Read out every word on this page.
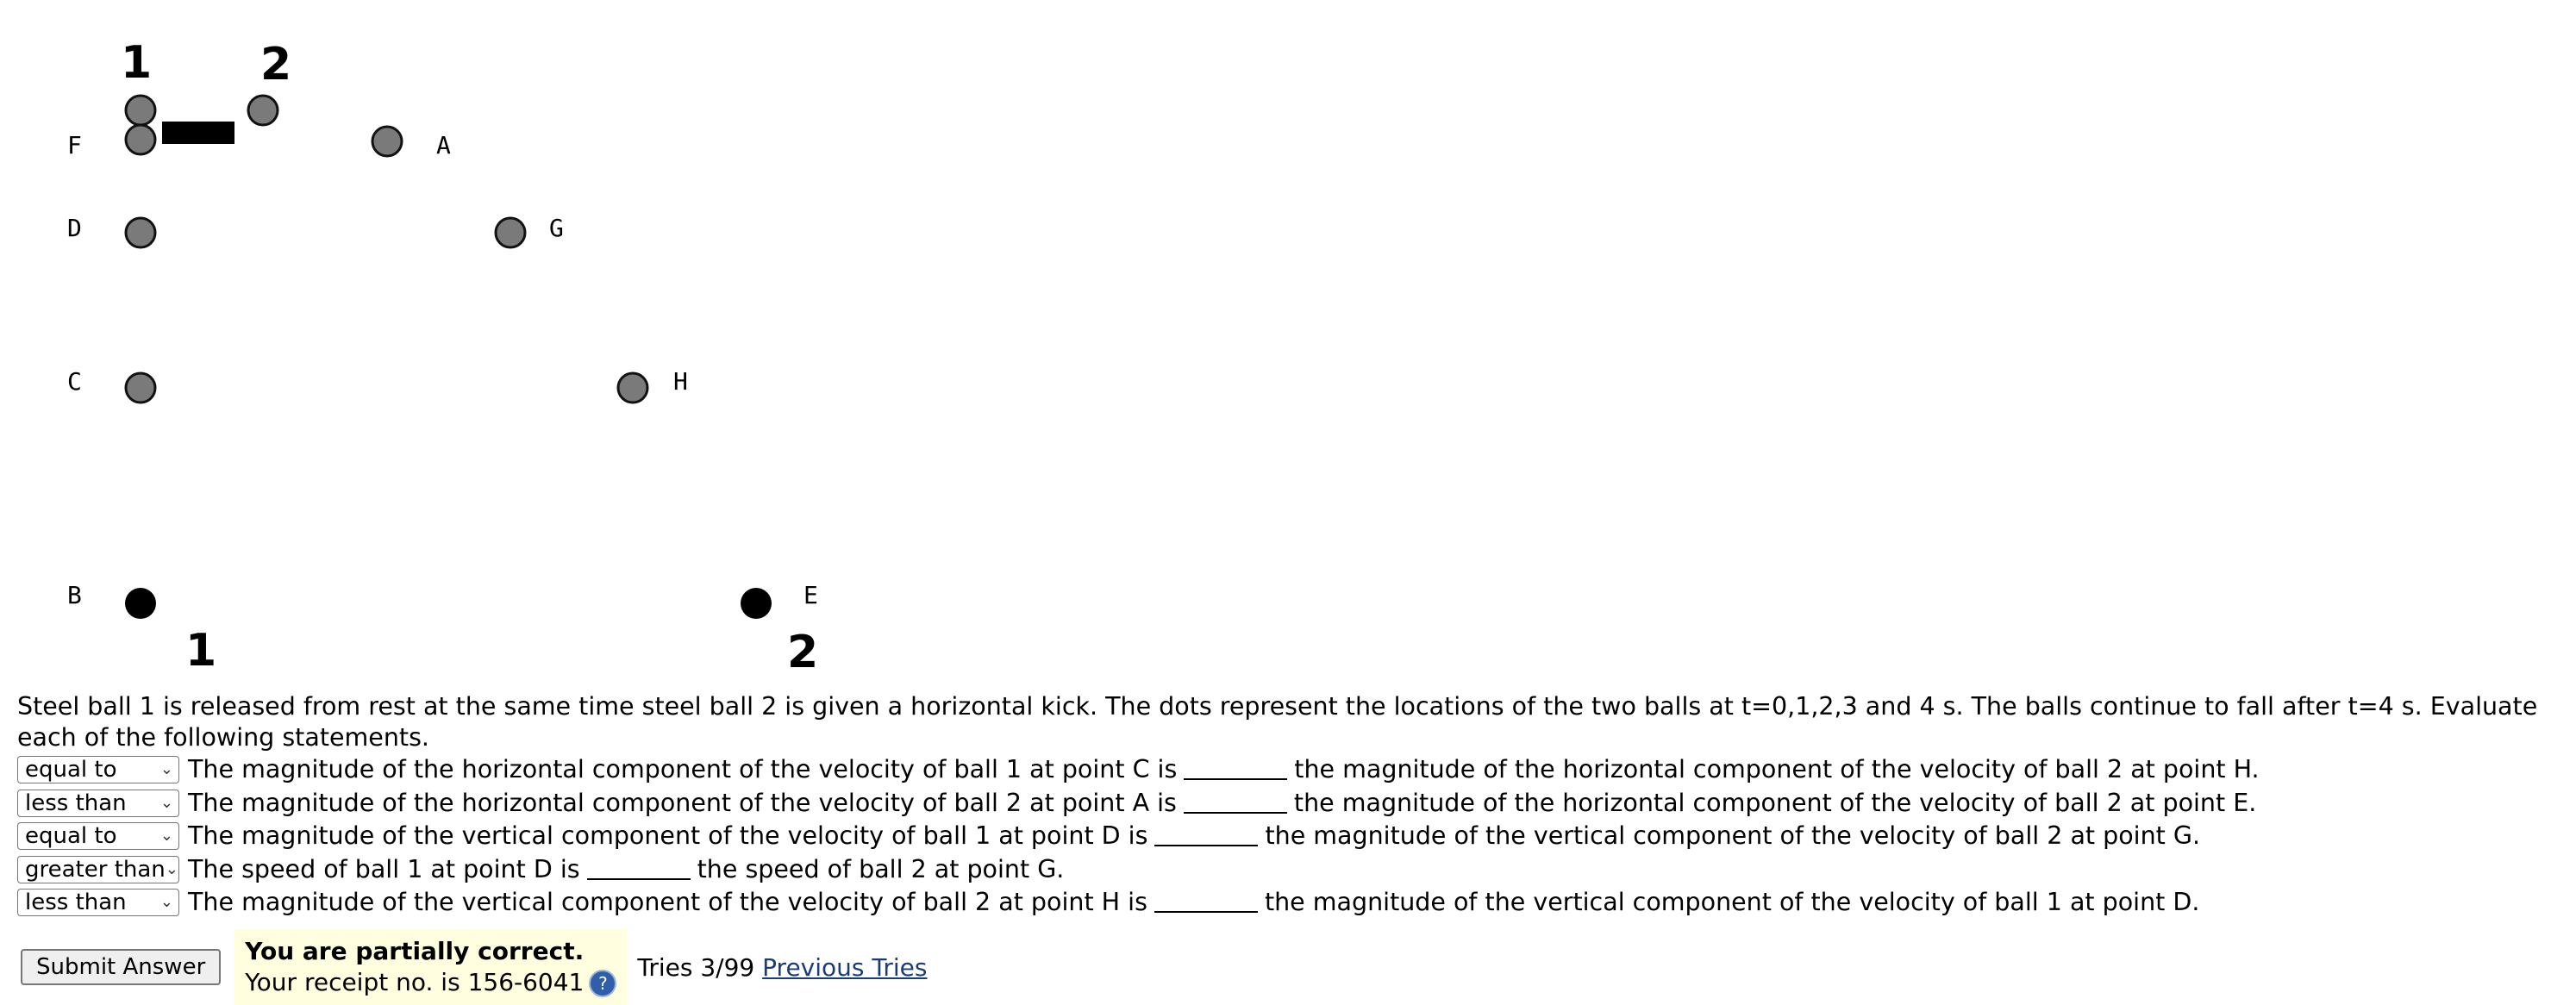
1 2
F	A
D	G
C	H
B	E
1	2
Steel ball 1 is released from rest at the same time steel ball 2 is given a horizontal kick. The dots represent the locations of the two balls at t=0,1,2,3 and 4 s. The balls continue to fall after t=4 s. Evaluate each of the following statements.
equal to	⌄ The magnitude of the horizontal component of the velocity of ball 1 at point C is	the magnitude of the horizontal component of the velocity of ball 2 at point H.
less than ⌄ The magnitude of the horizontal component of the velocity of ball 2 at point A is	the magnitude of the horizontal component of the velocity of ball 2 at point E.
equal to	⌄ The magnitude of the vertical component of the velocity of ball 1 at point D is	the magnitude of the vertical component of the velocity of ball 2 at point G.
greater than ⌄ The speed of ball 1 at point D is	the speed of ball 2 at point G.
less than ⌄ The magnitude of the vertical component of the velocity of ball 2 at point H is	the magnitude of the vertical component of the velocity of ball 1 at point D.
Submit Answer
You are partially correct.
Your receipt no. is 156-6041 ?
Tries 3/99 Previous Tries
